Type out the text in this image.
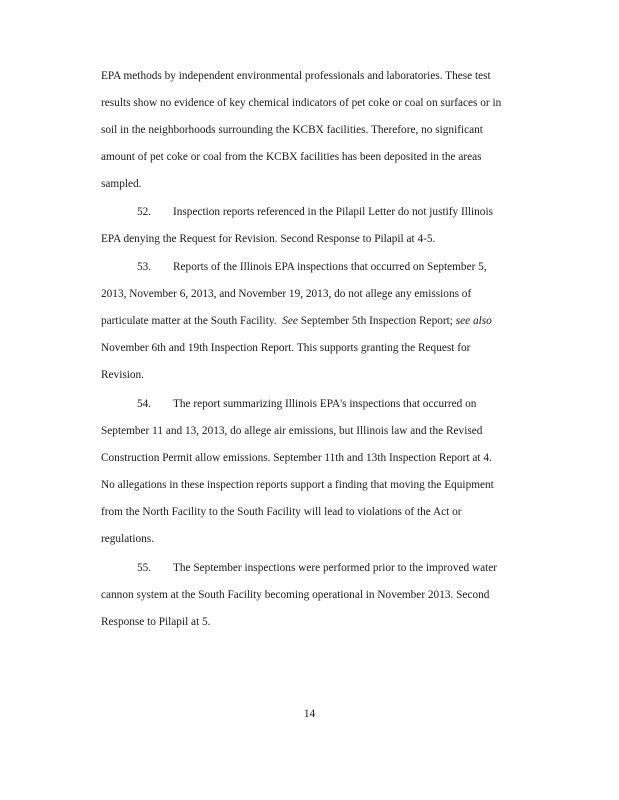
EPA methods by independent environmental professionals and laboratories. These test
results show no evidence of key chemical indicators of pet coke or coal on surfaces or in
soil in the neighborhoods surrounding the KCBX facilities. Therefore, no significant
amount of pet coke or coal from the KCBX facilities has been deposited in the areas
sampled.
52. Inspection reports referenced in the Pilapil Letter do not justify Illinois
EPA denying the Request for Revision. Second Response to Pilapil at 4-5.
53. Reports of the Illinois EPA inspections that occurred on September 5,
2013, November 6, 2013, and November 19, 2013, do not allege any emissions of
particulate matter at the South Facility. See September 5th Inspection Report; see also
November 6th and 19th Inspection Report. This supports granting the Request for
Revision.
54. The report summarizing Illinois EPA's inspections that occurred on
September 11 and 13, 2013, do allege air emissions, but Illinois law and the Revised
Construction Permit allow emissions. September 11th and 13th Inspection Report at 4.
No allegations in these inspection reports support a finding that moving the Equipment
from the North Facility to the South Facility will lead to violations of the Act or
regulations.
55. The September inspections were performed prior to the improved water
cannon system at the South Facility becoming operational in November 2013. Second
Response to Pilapil at 5.
14
